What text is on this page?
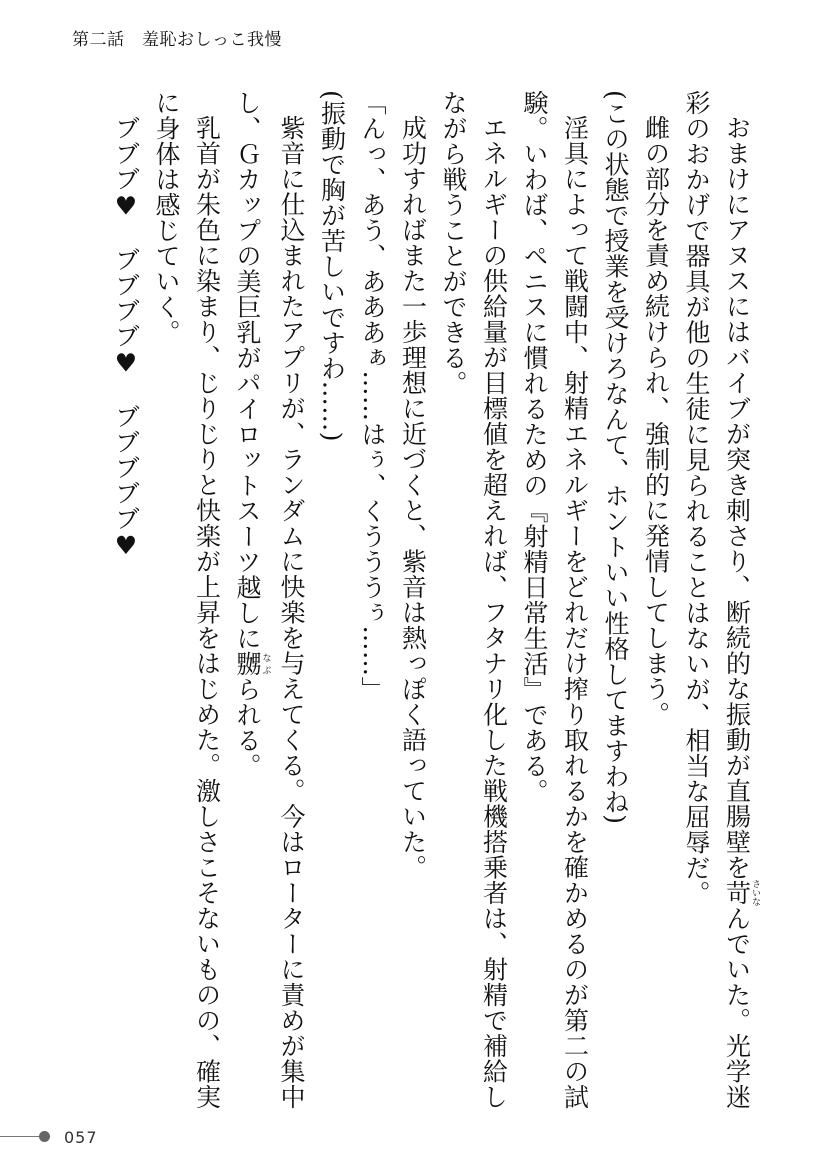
第二話　羞恥おしっこ我慢
おまけにアヌスにはバイブが突き刺さり、断続的な振動が直腸壁を苛さいなんでいた。光学迷
彩のおかげで器具が他の生徒に見られることはないが、相当な屈辱だ。
雌の部分を責め続けられ、強制的に発情してしまう。
(この状態で授業を受けろなんて、ホントいい性格してますわね)
淫具によって戦闘中、射精エネルギーをどれだけ搾り取れるかを確かめるのが第二の試
験。いわば、ペニスに慣れるための『射精日常生活』である。
エネルギーの供給量が目標値を超えれば、フタナリ化した戦機搭乗者は、射精で補給し
ながら戦うことができる。
成功すればまた一歩理想に近づくと、紫音は熱っぽく語っていた。
「んっ、あう、あああぁ……はぅ、くうううぅ……」
(振動で胸が苦しいですわ……)
紫音に仕込まれたアプリが、ランダムに快楽を与えてくる。今はローターに責めが集中
し、Ｇカップの美巨乳がパイロットスーツ越しに嬲なぶられる。
乳首が朱色に染まり、じりじりと快楽が上昇をはじめた。激しさこそないものの、確実
に身体は感じていく。
ブブブ♥　ブブブブ♥　ブブブブブ♥
057
